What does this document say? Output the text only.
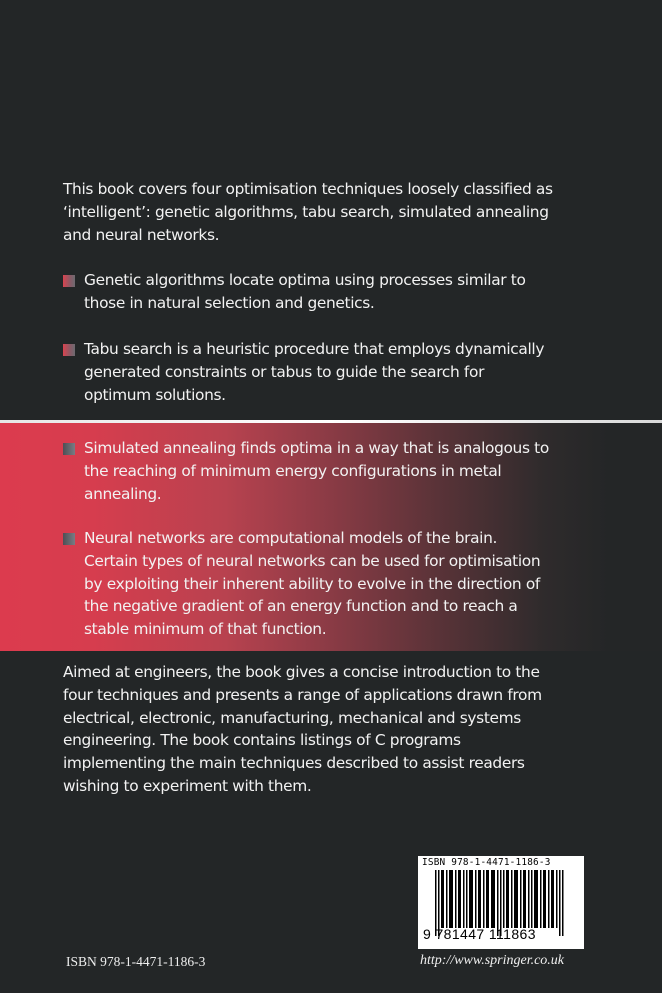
This book covers four optimisation techniques loosely classified as
‘intelligent’: genetic algorithms, tabu search, simulated annealing
and neural networks.
Genetic algorithms locate optima using processes similar to
those in natural selection and genetics.
Tabu search is a heuristic procedure that employs dynamically
generated constraints or tabus to guide the search for
optimum solutions.
Simulated annealing finds optima in a way that is analogous to
the reaching of minimum energy configurations in metal
annealing.
Neural networks are computational models of the brain.
Certain types of neural networks can be used for optimisation
by exploiting their inherent ability to evolve in the direction of
the negative gradient of an energy function and to reach a
stable minimum of that function.
Aimed at engineers, the book gives a concise introduction to the
four techniques and presents a range of applications drawn from
electrical, electronic, manufacturing, mechanical and systems
engineering. The book contains listings of C programs
implementing the main techniques described to assist readers
wishing to experiment with them.
ISBN 978-1-4471-1186-3
9 781447 111863
ISBN 978-1-4471-1186-3	http://www.springer.co.uk
